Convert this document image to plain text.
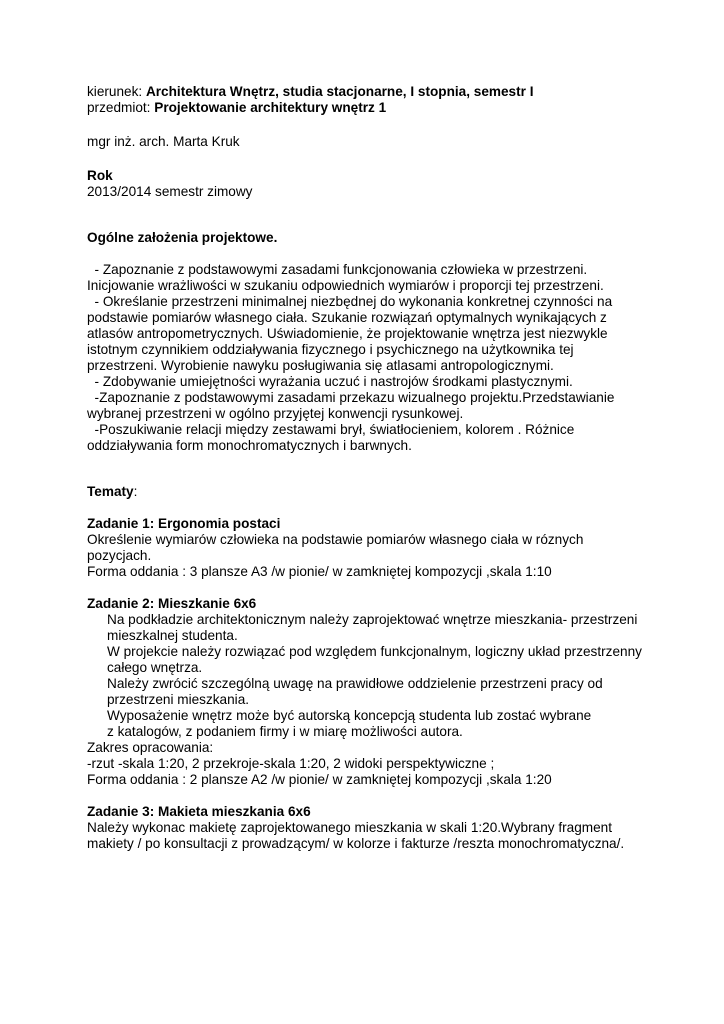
kierunek: Architektura Wnętrz, studia stacjonarne, I stopnia, semestr I
przedmiot: Projektowanie architektury wnętrz 1
mgr inż. arch. Marta Kruk
Rok
2013/2014 semestr zimowy
Ogólne założenia projektowe.
- Zapoznanie z podstawowymi zasadami funkcjonowania człowieka w przestrzeni.
Inicjowanie wrażliwości w szukaniu odpowiednich wymiarów i proporcji tej przestrzeni.
- Określanie przestrzeni minimalnej niezbędnej do wykonania konkretnej czynności na
podstawie pomiarów własnego ciała. Szukanie rozwiązań optymalnych wynikających z
atlasów antropometrycznych. Uświadomienie, że projektowanie wnętrza jest niezwykle
istotnym czynnikiem oddziaływania fizycznego i psychicznego na użytkownika tej
przestrzeni. Wyrobienie nawyku posługiwania się atlasami antropologicznymi.
- Zdobywanie umiejętności wyrażania uczuć i nastrojów środkami plastycznymi.
-Zapoznanie z podstawowymi zasadami przekazu wizualnego projektu.Przedstawianie
wybranej przestrzeni w ogólno przyjętej konwencji rysunkowej.
-Poszukiwanie relacji między zestawami brył, światłocieniem, kolorem . Różnice
oddziaływania form monochromatycznych i barwnych.
Tematy:
Zadanie 1: Ergonomia postaci
Określenie wymiarów człowieka na podstawie pomiarów własnego ciała w róznych
pozycjach.
Forma oddania : 3 plansze A3 /w pionie/ w zamkniętej kompozycji ,skala 1:10
Zadanie 2: Mieszkanie 6x6
Na podkładzie architektonicznym należy zaprojektować wnętrze mieszkania- przestrzeni
mieszkalnej studenta.
W projekcie należy rozwiązać pod względem funkcjonalnym, logiczny układ przestrzenny
całego wnętrza.
Należy zwrócić szczególną uwagę na prawidłowe oddzielenie przestrzeni pracy od
przestrzeni mieszkania.
Wyposażenie wnętrz może być autorską koncepcją studenta lub zostać wybrane
z katalogów, z podaniem firmy i w miarę możliwości autora.
Zakres opracowania:
-rzut -skala 1:20, 2 przekroje-skala 1:20, 2 widoki perspektywiczne ;
Forma oddania : 2 plansze A2 /w pionie/ w zamkniętej kompozycji ,skala 1:20
Zadanie 3: Makieta mieszkania 6x6
Należy wykonac makietę zaprojektowanego mieszkania w skali 1:20.Wybrany fragment
makiety / po konsultacji z prowadzącym/ w kolorze i fakturze /reszta monochromatyczna/.
